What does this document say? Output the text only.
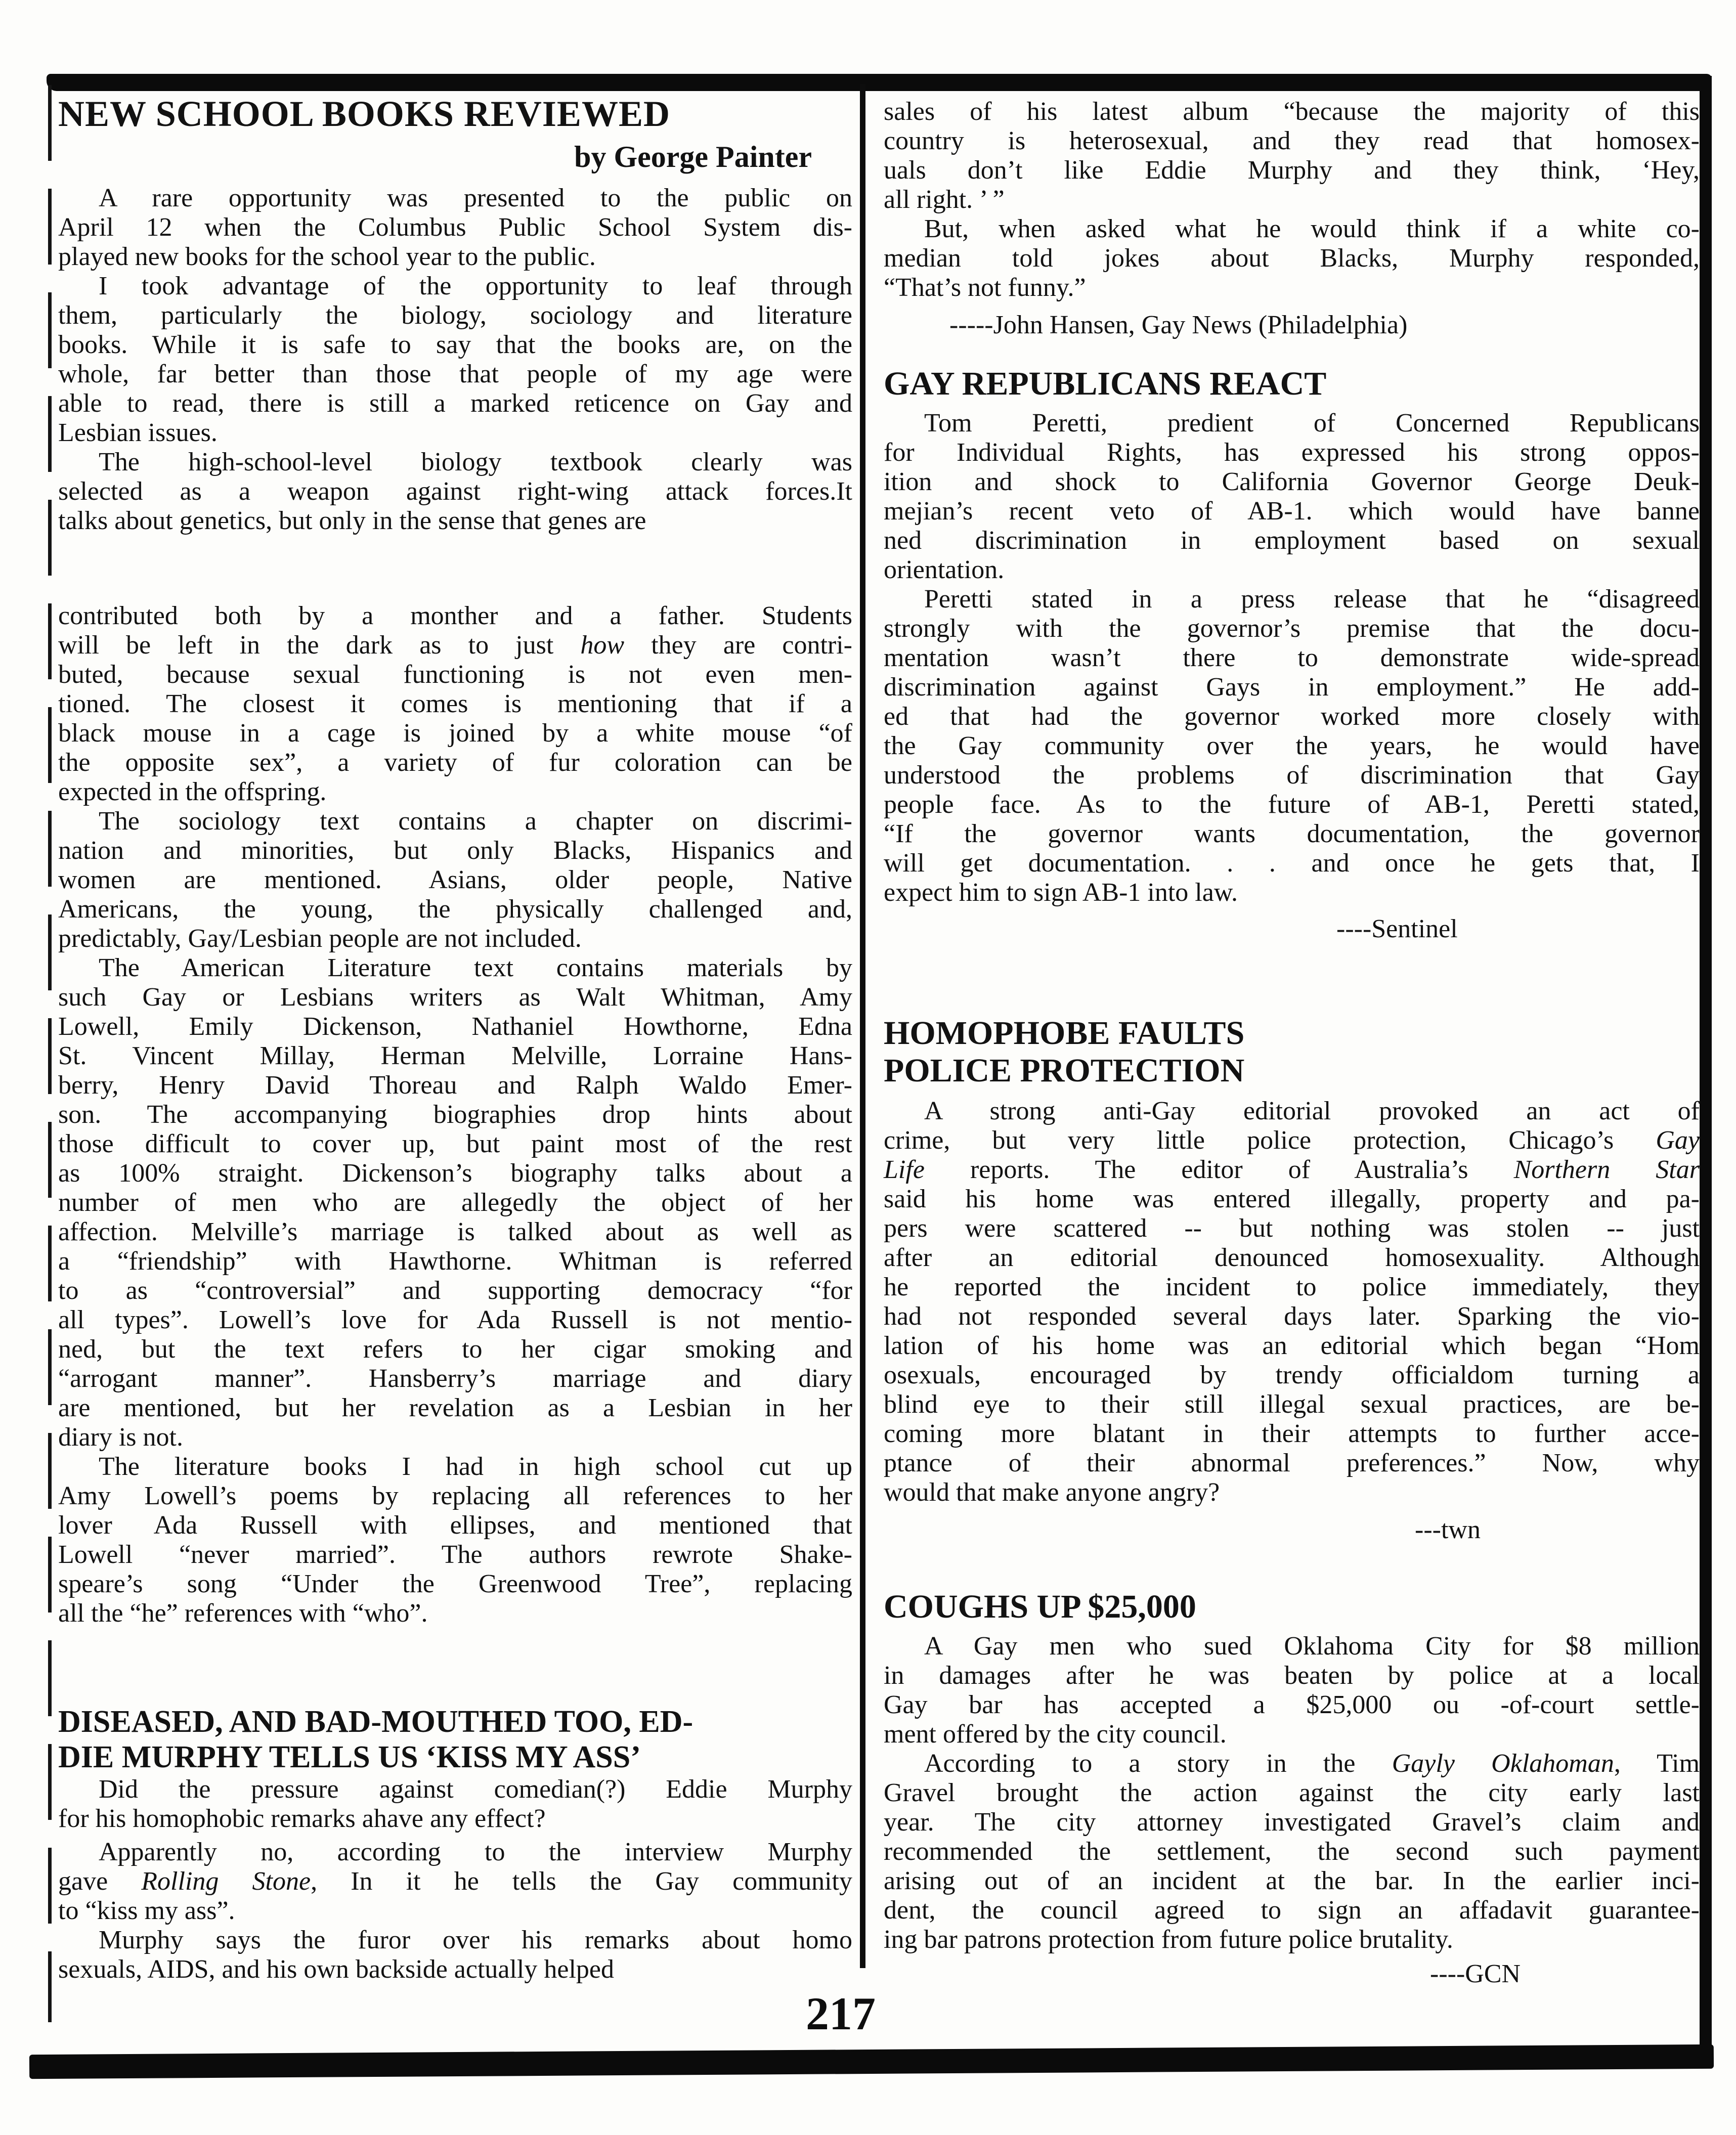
NEW SCHOOL BOOKS REVIEWED
by George Painter
A rare opportunity was presented to the public on
April 12 when the Columbus Public School System dis-
played new books for the school year to the public.
I took advantage of the opportunity to leaf through
them, particularly the biology, sociology and literature
books. While it is safe to say that the books are, on the
whole, far better than those that people of my age were
able to read, there is still a marked reticence on Gay and
Lesbian issues.
The high-school-level biology textbook clearly was
selected as a weapon against right-wing attack forces.It
talks about genetics, but only in the sense that genes are
contributed both by a monther and a father. Students
will be left in the dark as to just how they are contri-
buted, because sexual functioning is not even men-
tioned. The closest it comes is mentioning that if a
black mouse in a cage is joined by a white mouse “of
the opposite sex”, a variety of fur coloration can be
expected in the offspring.
The sociology text contains a chapter on discrimi-
nation and minorities, but only Blacks, Hispanics and
women are mentioned. Asians, older people, Native
Americans, the young, the physically challenged and,
predictably, Gay/Lesbian people are not included.
The American Literature text contains materials by
such Gay or Lesbians writers as Walt Whitman, Amy
Lowell, Emily Dickenson, Nathaniel Howthorne, Edna
St. Vincent Millay, Herman Melville, Lorraine Hans-
berry, Henry David Thoreau and Ralph Waldo Emer-
son. The accompanying biographies drop hints about
those difficult to cover up, but paint most of the rest
as 100% straight. Dickenson’s biography talks about a
number of men who are allegedly the object of her
affection. Melville’s marriage is talked about as well as
a “friendship” with Hawthorne. Whitman is referred
to as “controversial” and supporting democracy “for
all types”. Lowell’s love for Ada Russell is not mentio-
ned, but the text refers to her cigar smoking and
“arrogant manner”. Hansberry’s marriage and diary
are mentioned, but her revelation as a Lesbian in her
diary is not.
The literature books I had in high school cut up
Amy Lowell’s poems by replacing all references to her
lover Ada Russell with ellipses, and mentioned that
Lowell “never married”. The authors rewrote Shake-
speare’s song “Under the Greenwood Tree”, replacing
all the “he” references with “who”.
DISEASED, AND BAD-MOUTHED TOO, ED-
DIE MURPHY TELLS US ‘KISS MY ASS’
Did the pressure against comedian(?) Eddie Murphy
for his homophobic remarks ahave any effect?
Apparently no, according to the interview Murphy
gave Rolling Stone, In it he tells the Gay community
to “kiss my ass”.
Murphy says the furor over his remarks about homo
sexuals, AIDS, and his own backside actually helped
sales of his latest album “because the majority of this
country is heterosexual, and they read that homosex-
uals don’t like Eddie Murphy and they think, ‘Hey,
all right. ’ ”
But, when asked what he would think if a white co-
median told jokes about Blacks, Murphy responded,
“That’s not funny.”
-----John Hansen, Gay News (Philadelphia)
GAY REPUBLICANS REACT
Tom Peretti, predient of Concerned Republicans
for Individual Rights, has expressed his strong oppos-
ition and shock to California Governor George Deuk-
mejian’s recent veto of AB-1. which would have banne
ned discrimination in employment based on sexual
orientation.
Peretti stated in a press release that he “disagreed
strongly with the governor’s premise that the docu-
mentation wasn’t there to demonstrate wide-spread
discrimination against Gays in employment.” He add-
ed that had the governor worked more closely with
the Gay community over the years, he would have
understood the problems of discrimination that Gay
people face. As to the future of AB-1, Peretti stated,
“If the governor wants documentation, the governor
will get documentation. . . and once he gets that, I
expect him to sign AB-1 into law.
----Sentinel
HOMOPHOBE FAULTS
POLICE PROTECTION
A strong anti-Gay editorial provoked an act of
crime, but very little police protection, Chicago’s Gay
Life reports. The editor of Australia’s Northern Star
said his home was entered illegally, property and pa-
pers were scattered -- but nothing was stolen -- just
after an editorial denounced homosexuality. Although
he reported the incident to police immediately, they
had not responded several days later. Sparking the vio-
lation of his home was an editorial which began “Hom
osexuals, encouraged by trendy officialdom turning a
blind eye to their still illegal sexual practices, are be-
coming more blatant in their attempts to further acce-
ptance of their abnormal preferences.” Now, why
would that make anyone angry?
---twn
COUGHS UP $25,000
A Gay men who sued Oklahoma City for $8 million
in damages after he was beaten by police at a local
Gay bar has accepted a $25,000 ou -of-court settle-
ment offered by the city council.
According to a story in the Gayly Oklahoman, Tim
Gravel brought the action against the city early last
year. The city attorney investigated Gravel’s claim and
recommended the settlement, the second such payment
arising out of an incident at the bar. In the earlier inci-
dent, the council agreed to sign an affadavit guarantee-
ing bar patrons protection from future police brutality.
----GCN
217
